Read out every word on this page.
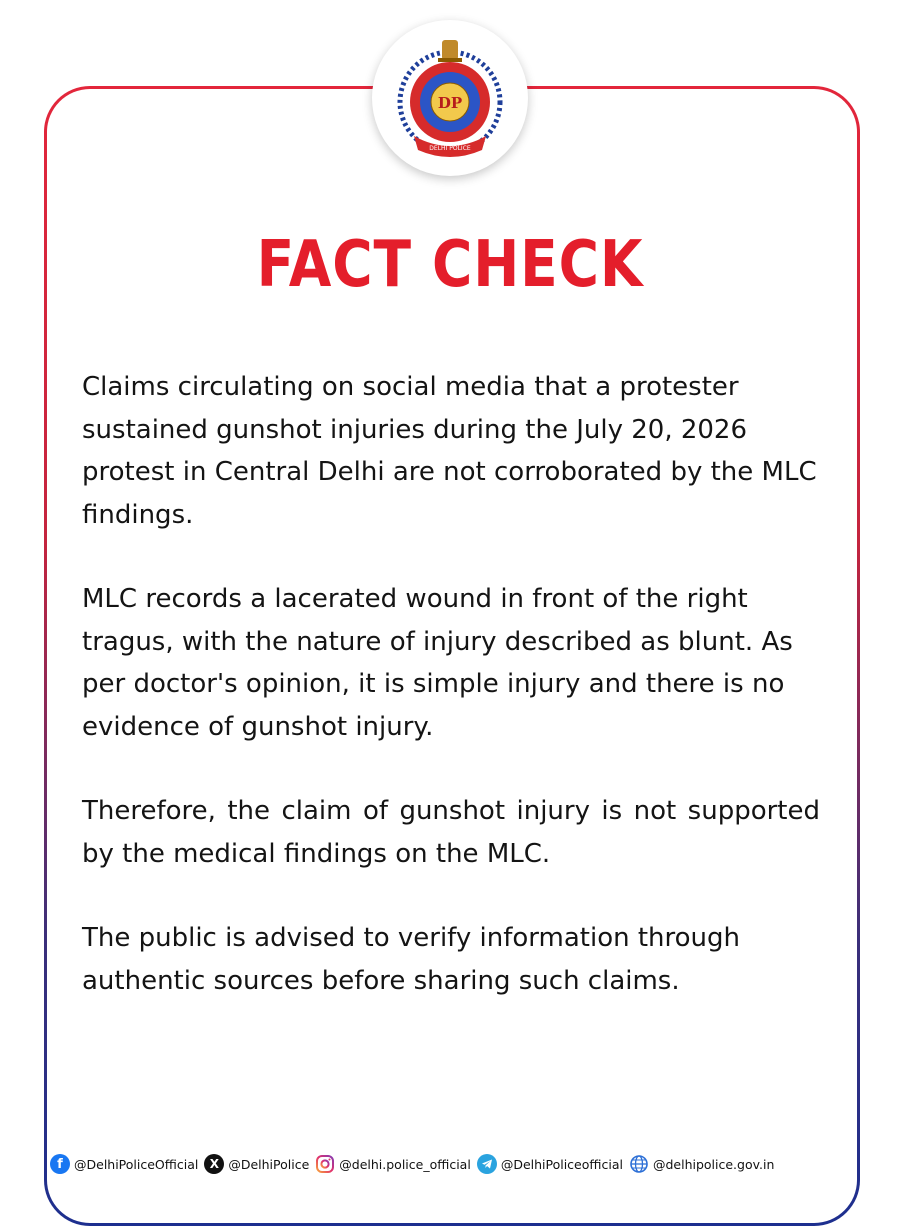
DP
DELHI POLICE
FACT CHECK

Claims circulating on social media that a protester sustained gunshot injuries during the July 20, 2026 protest in Central Delhi are not corroborated by the MLC findings.

MLC records a lacerated wound in front of the right tragus, with the nature of injury described as blunt. As per doctor's opinion, it is simple injury and there is no evidence of gunshot injury.

Therefore, the claim of gunshot injury is not supported by the medical findings on the MLC.

The public is advised to verify information through authentic sources before sharing such claims.

f @DelhiPoliceOfficial X @DelhiPolice @delhi.police_official @DelhiPoliceofficial @delhipolice.gov.in
